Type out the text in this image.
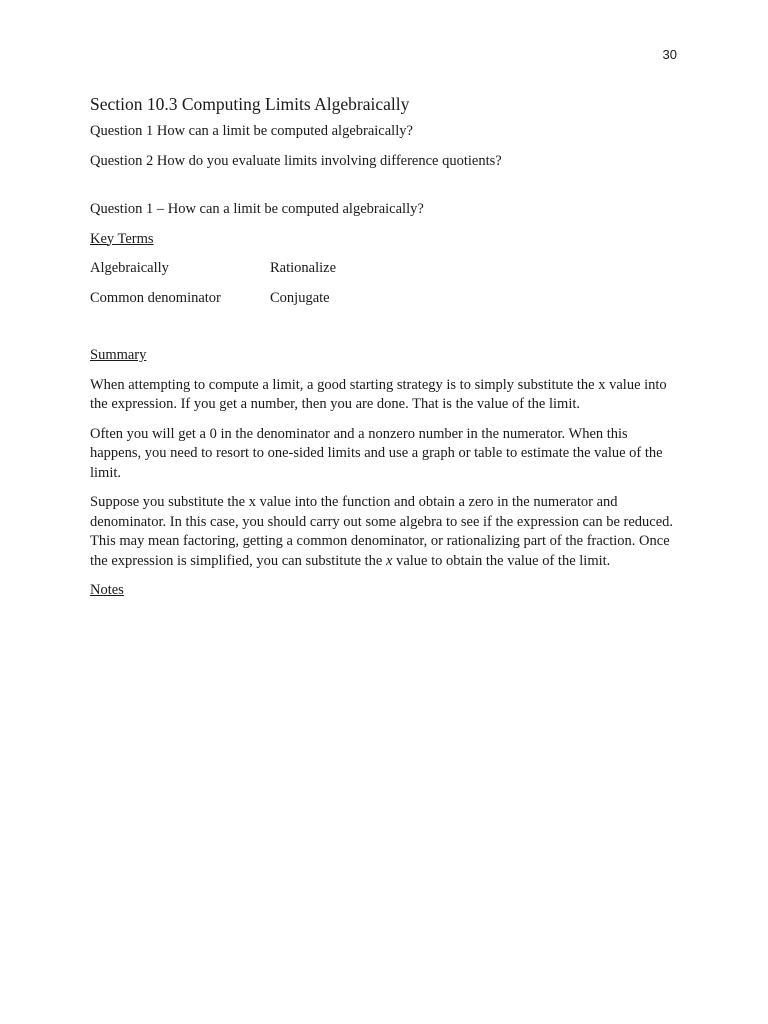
30
Section 10.3 Computing Limits Algebraically

Question 1 How can a limit be computed algebraically?

Question 2 How do you evaluate limits involving difference quotients?

Question 1 – How can a limit be computed algebraically?

Key Terms

Algebraically	Rationalize
Common denominator	Conjugate

Summary

When attempting to compute a limit, a good starting strategy is to simply substitute the x value into the expression. If you get a number, then you are done. That is the value of the limit.

Often you will get a 0 in the denominator and a nonzero number in the numerator. When this happens, you need to resort to one-sided limits and use a graph or table to estimate the value of the limit.

Suppose you substitute the x value into the function and obtain a zero in the numerator and denominator. In this case, you should carry out some algebra to see if the expression can be reduced. This may mean factoring, getting a common denominator, or rationalizing part of the fraction. Once the expression is simplified, you can substitute the x value to obtain the value of the limit.

Notes
